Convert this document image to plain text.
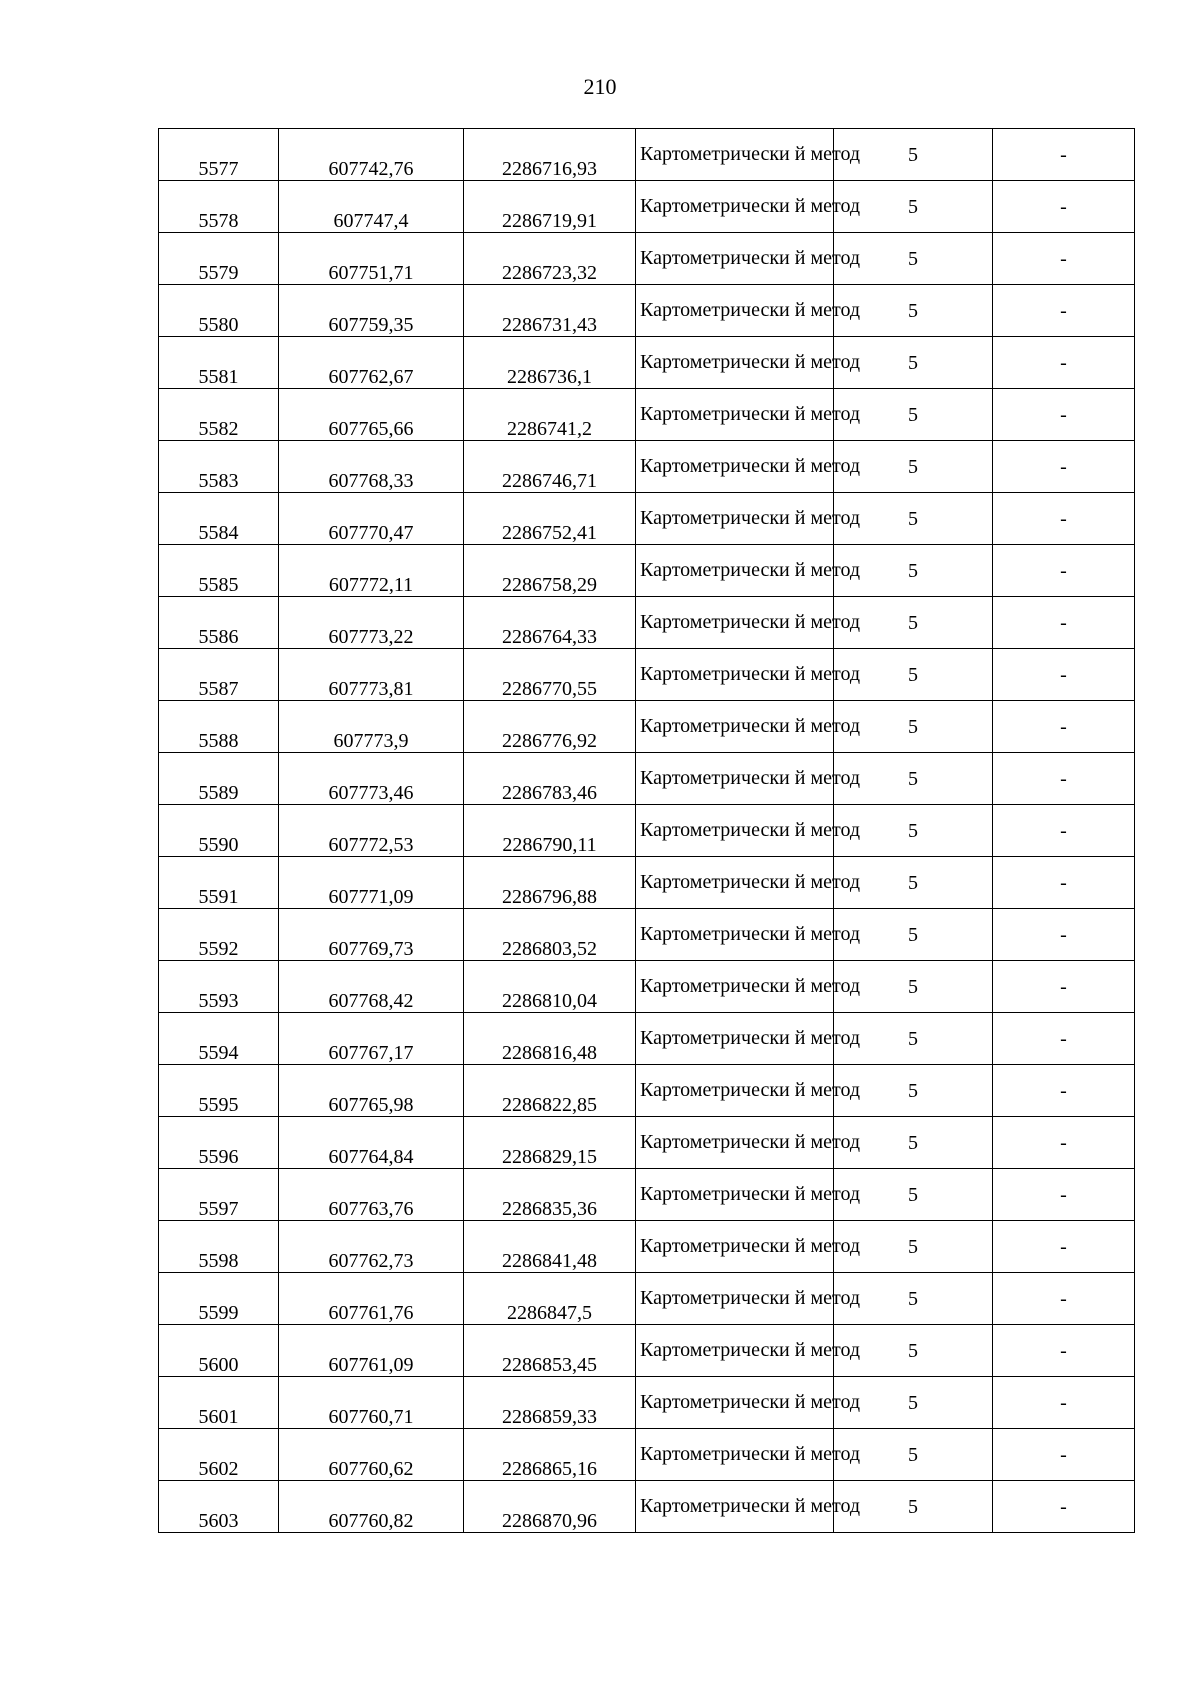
210
5577	607742,76	2286716,93	Картометрически й метод	5	-
5578	607747,4	2286719,91	Картометрически й метод	5	-
5579	607751,71	2286723,32	Картометрически й метод	5	-
5580	607759,35	2286731,43	Картометрически й метод	5	-
5581	607762,67	2286736,1	Картометрически й метод	5	-
5582	607765,66	2286741,2	Картометрически й метод	5	-
5583	607768,33	2286746,71	Картометрически й метод	5	-
5584	607770,47	2286752,41	Картометрически й метод	5	-
5585	607772,11	2286758,29	Картометрически й метод	5	-
5586	607773,22	2286764,33	Картометрически й метод	5	-
5587	607773,81	2286770,55	Картометрически й метод	5	-
5588	607773,9	2286776,92	Картометрически й метод	5	-
5589	607773,46	2286783,46	Картометрически й метод	5	-
5590	607772,53	2286790,11	Картометрически й метод	5	-
5591	607771,09	2286796,88	Картометрически й метод	5	-
5592	607769,73	2286803,52	Картометрически й метод	5	-
5593	607768,42	2286810,04	Картометрически й метод	5	-
5594	607767,17	2286816,48	Картометрически й метод	5	-
5595	607765,98	2286822,85	Картометрически й метод	5	-
5596	607764,84	2286829,15	Картометрически й метод	5	-
5597	607763,76	2286835,36	Картометрически й метод	5	-
5598	607762,73	2286841,48	Картометрически й метод	5	-
5599	607761,76	2286847,5	Картометрически й метод	5	-
5600	607761,09	2286853,45	Картометрически й метод	5	-
5601	607760,71	2286859,33	Картометрически й метод	5	-
5602	607760,62	2286865,16	Картометрически й метод	5	-
5603	607760,82	2286870,96	Картометрически й метод	5	-
